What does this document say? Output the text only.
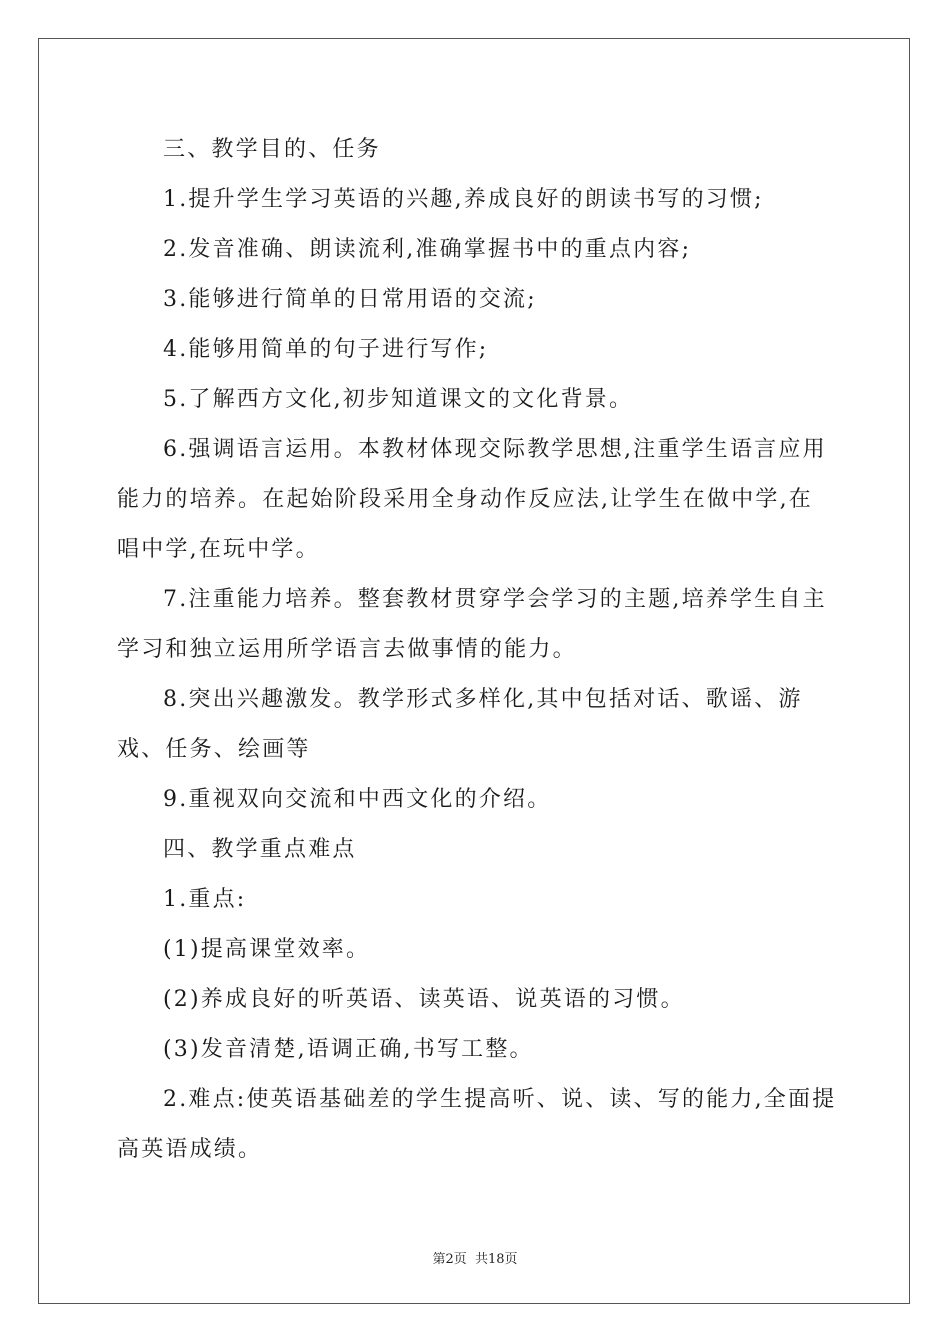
三、教学目的、任务

1.提升学生学习英语的兴趣,养成良好的朗读书写的习惯;

2.发音准确、朗读流利,准确掌握书中的重点内容;

3.能够进行简单的日常用语的交流;

4.能够用简单的句子进行写作;

5.了解西方文化,初步知道课文的文化背景。

6.强调语言运用。本教材体现交际教学思想,注重学生语言应用能力的培养。在起始阶段采用全身动作反应法,让学生在做中学,在唱中学,在玩中学。

7.注重能力培养。整套教材贯穿学会学习的主题,培养学生自主学习和独立运用所学语言去做事情的能力。

8.突出兴趣激发。教学形式多样化,其中包括对话、歌谣、游戏、任务、绘画等

9.重视双向交流和中西文化的介绍。

四、教学重点难点

1.重点:

(1)提高课堂效率。

(2)养成良好的听英语、读英语、说英语的习惯。

(3)发音清楚,语调正确,书写工整。

2.难点:使英语基础差的学生提高听、说、读、写的能力,全面提高英语成绩。

第2页 共18页
